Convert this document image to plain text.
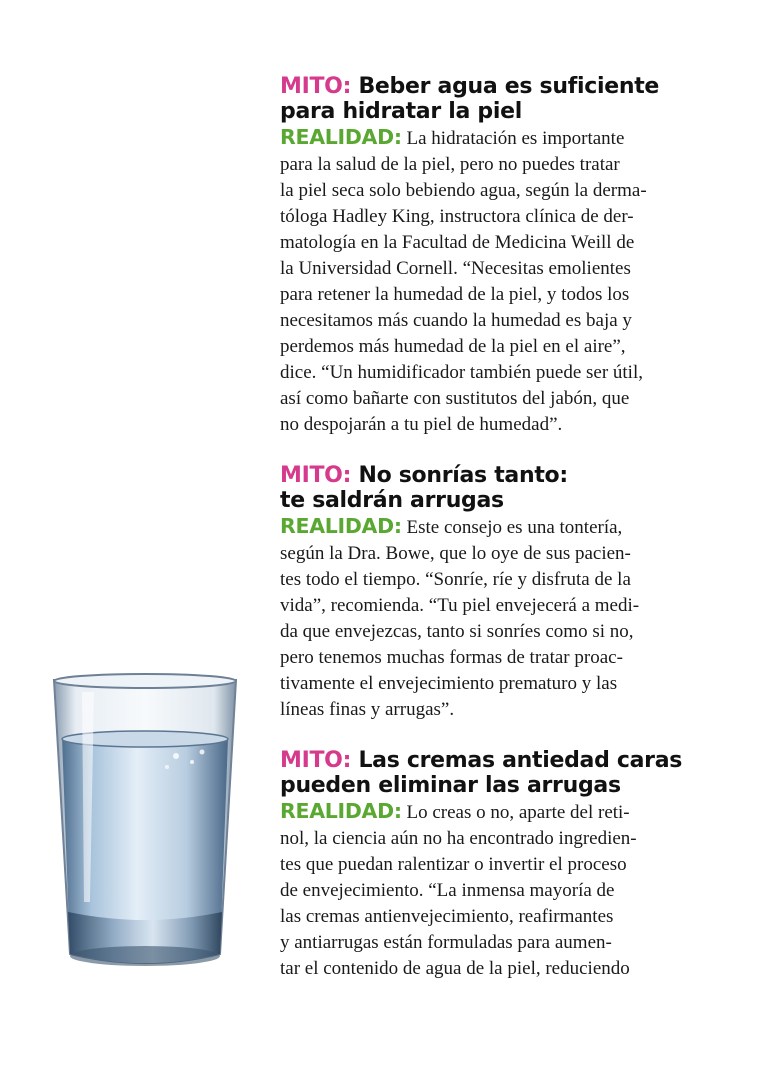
MITO: Beber agua es suficiente
para hidratar la piel
REALIDAD: La hidratación es importante
para la salud de la piel, pero no puedes tratar
la piel seca solo bebiendo agua, según la derma-
tóloga Hadley King, instructora clínica de der-
matología en la Facultad de Medicina Weill de
la Universidad Cornell. “Necesitas emolientes
para retener la humedad de la piel, y todos los
necesitamos más cuando la humedad es baja y
perdemos más humedad de la piel en el aire”,
dice. “Un humidificador también puede ser útil,
así como bañarte con sustitutos del jabón, que
no despojarán a tu piel de humedad”.
MITO: No sonrías tanto:
te saldrán arrugas
REALIDAD: Este consejo es una tontería,
según la Dra. Bowe, que lo oye de sus pacien-
tes todo el tiempo. “Sonríe, ríe y disfruta de la
vida”, recomienda. “Tu piel envejecerá a medi-
da que envejezcas, tanto si sonríes como si no,
pero tenemos muchas formas de tratar proac-
tivamente el envejecimiento prematuro y las
líneas finas y arrugas”.
MITO: Las cremas antiedad caras
pueden eliminar las arrugas
REALIDAD: Lo creas o no, aparte del reti-
nol, la ciencia aún no ha encontrado ingredien-
tes que puedan ralentizar o invertir el proceso
de envejecimiento. “La inmensa mayoría de
las cremas antienvejecimiento, reafirmantes
y antiarrugas están formuladas para aumen-
tar el contenido de agua de la piel, reduciendo
